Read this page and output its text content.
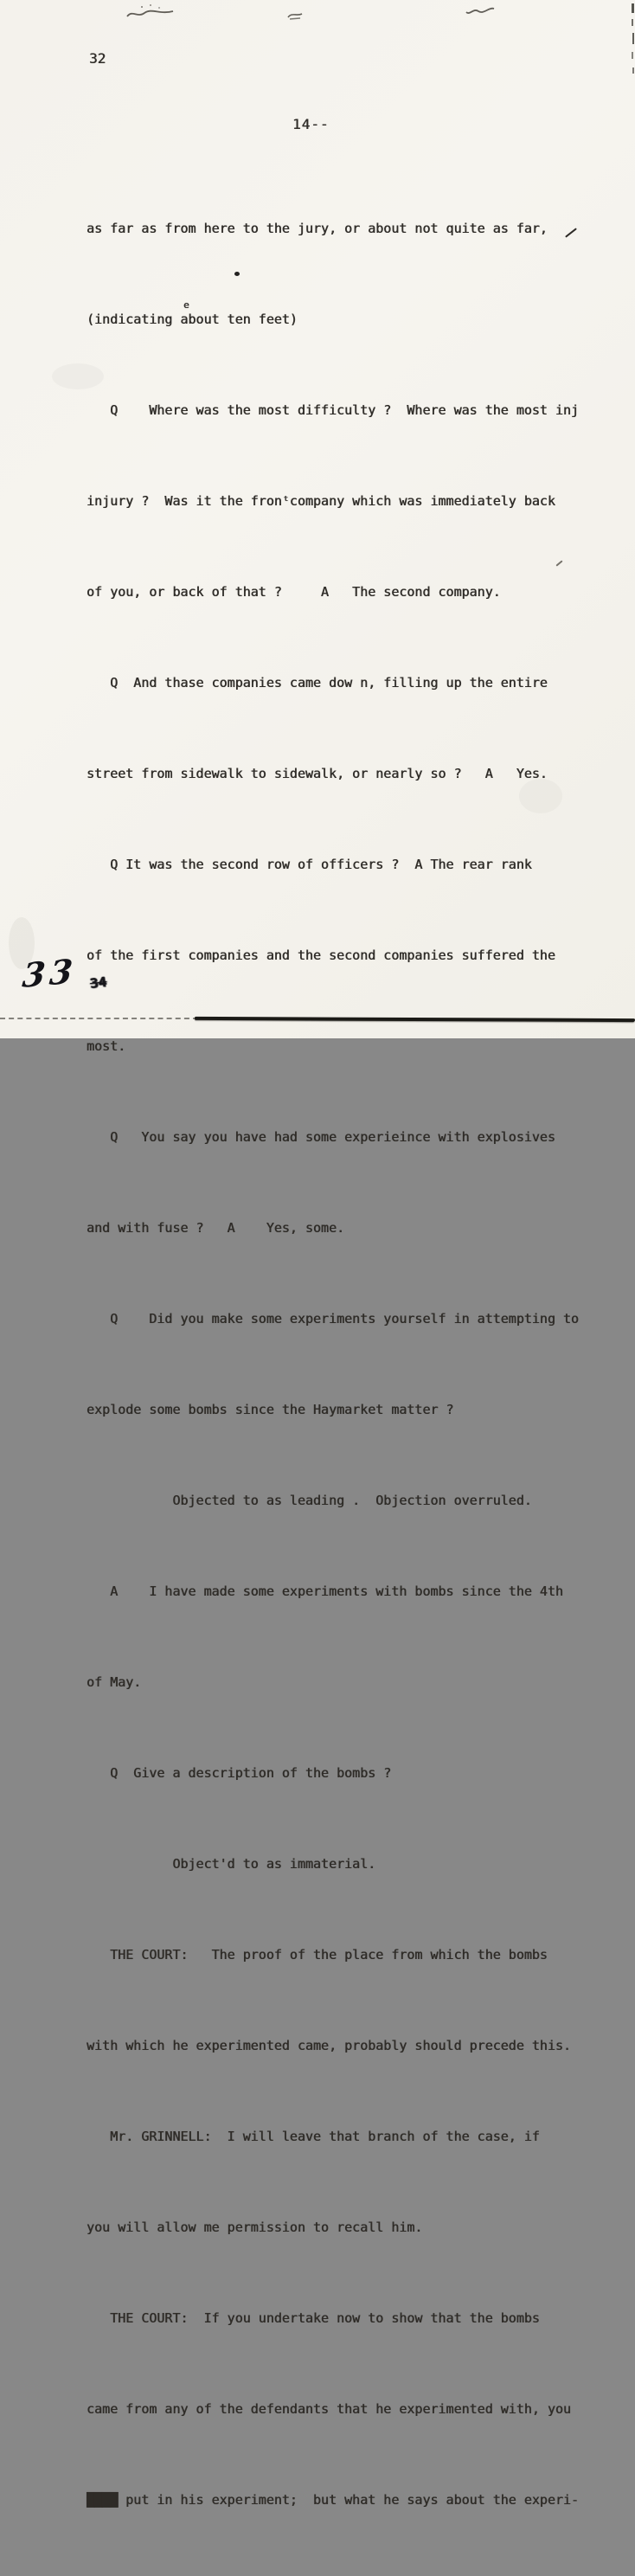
32
14--

as far as from here to the jury, or about not quite as far,

(indicating about ten feet)

Q    Where was the most difficulty ?  Where was the most inj

injury ?  Was it the fronᵗcompany which was immediately back

of you, or back of that ?     A   The second company.

Q  And thase companies came dow n, filling up the entire

street from sidewalk to sidewalk, or nearly so ?   A   Yes.

Q It was the second row of officers ?  A The rear rank

of the first companies and the second companies suffered the

most.

Q   You say you have had some experieince with explosives

and with fuse ?   A    Yes, some.

Q    Did you make some experiments yourself in attempting to

explode some bombs since the Haymarket matter ?

Objected to as leading .  Objection overruled.

A    I have made some experiments with bombs since the 4th

of May.

Q  Give a description of the bombs ?

Object'd to as immaterial.

THE COURT:   The proof of the place from which the bombs

with which he experimented came, probably should precede this.

Mr. GRINNELL:  I will leave that branch of the case, if

you will allow me permission to recall him.

THE COURT:  If you undertake now to show that the bombs

came from any of the defendants that he experimented with, you

████ put in his experiment;  but what he says about the experi-

e
33 34
